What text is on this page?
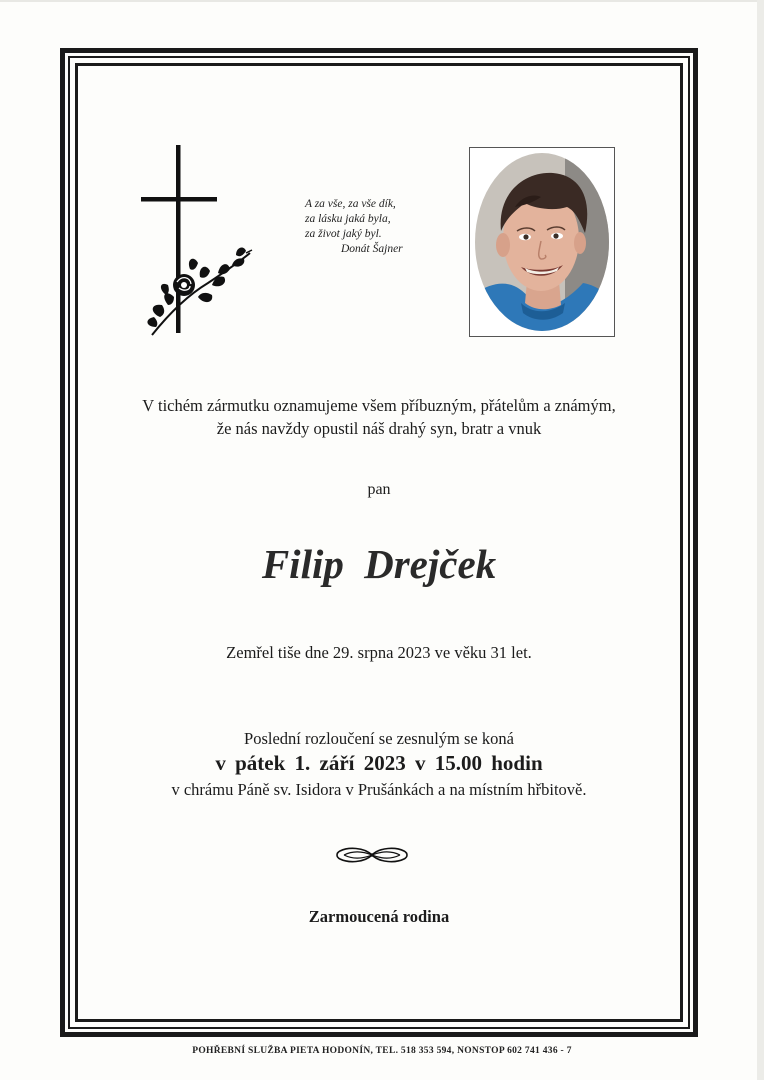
A za vše, za vše dík,
za lásku jaká byla,
za život jaký byl.
Donát Šajner
V tichém zármutku oznamujeme všem příbuzným, přátelům a známým,
že nás navždy opustil náš drahý syn, bratr a vnuk
pan
Filip Drejček
Zemřel tiše dne 29. srpna 2023 ve věku 31 let.
Poslední rozloučení se zesnulým se koná
v pátek 1. září 2023 v 15.00 hodin
v chrámu Páně sv. Isidora v Prušánkách a na místním hřbitově.
Zarmoucená rodina
POHŘEBNÍ SLUŽBA PIETA HODONÍN, TEL. 518 353 594, NONSTOP 602 741 436 - 7
